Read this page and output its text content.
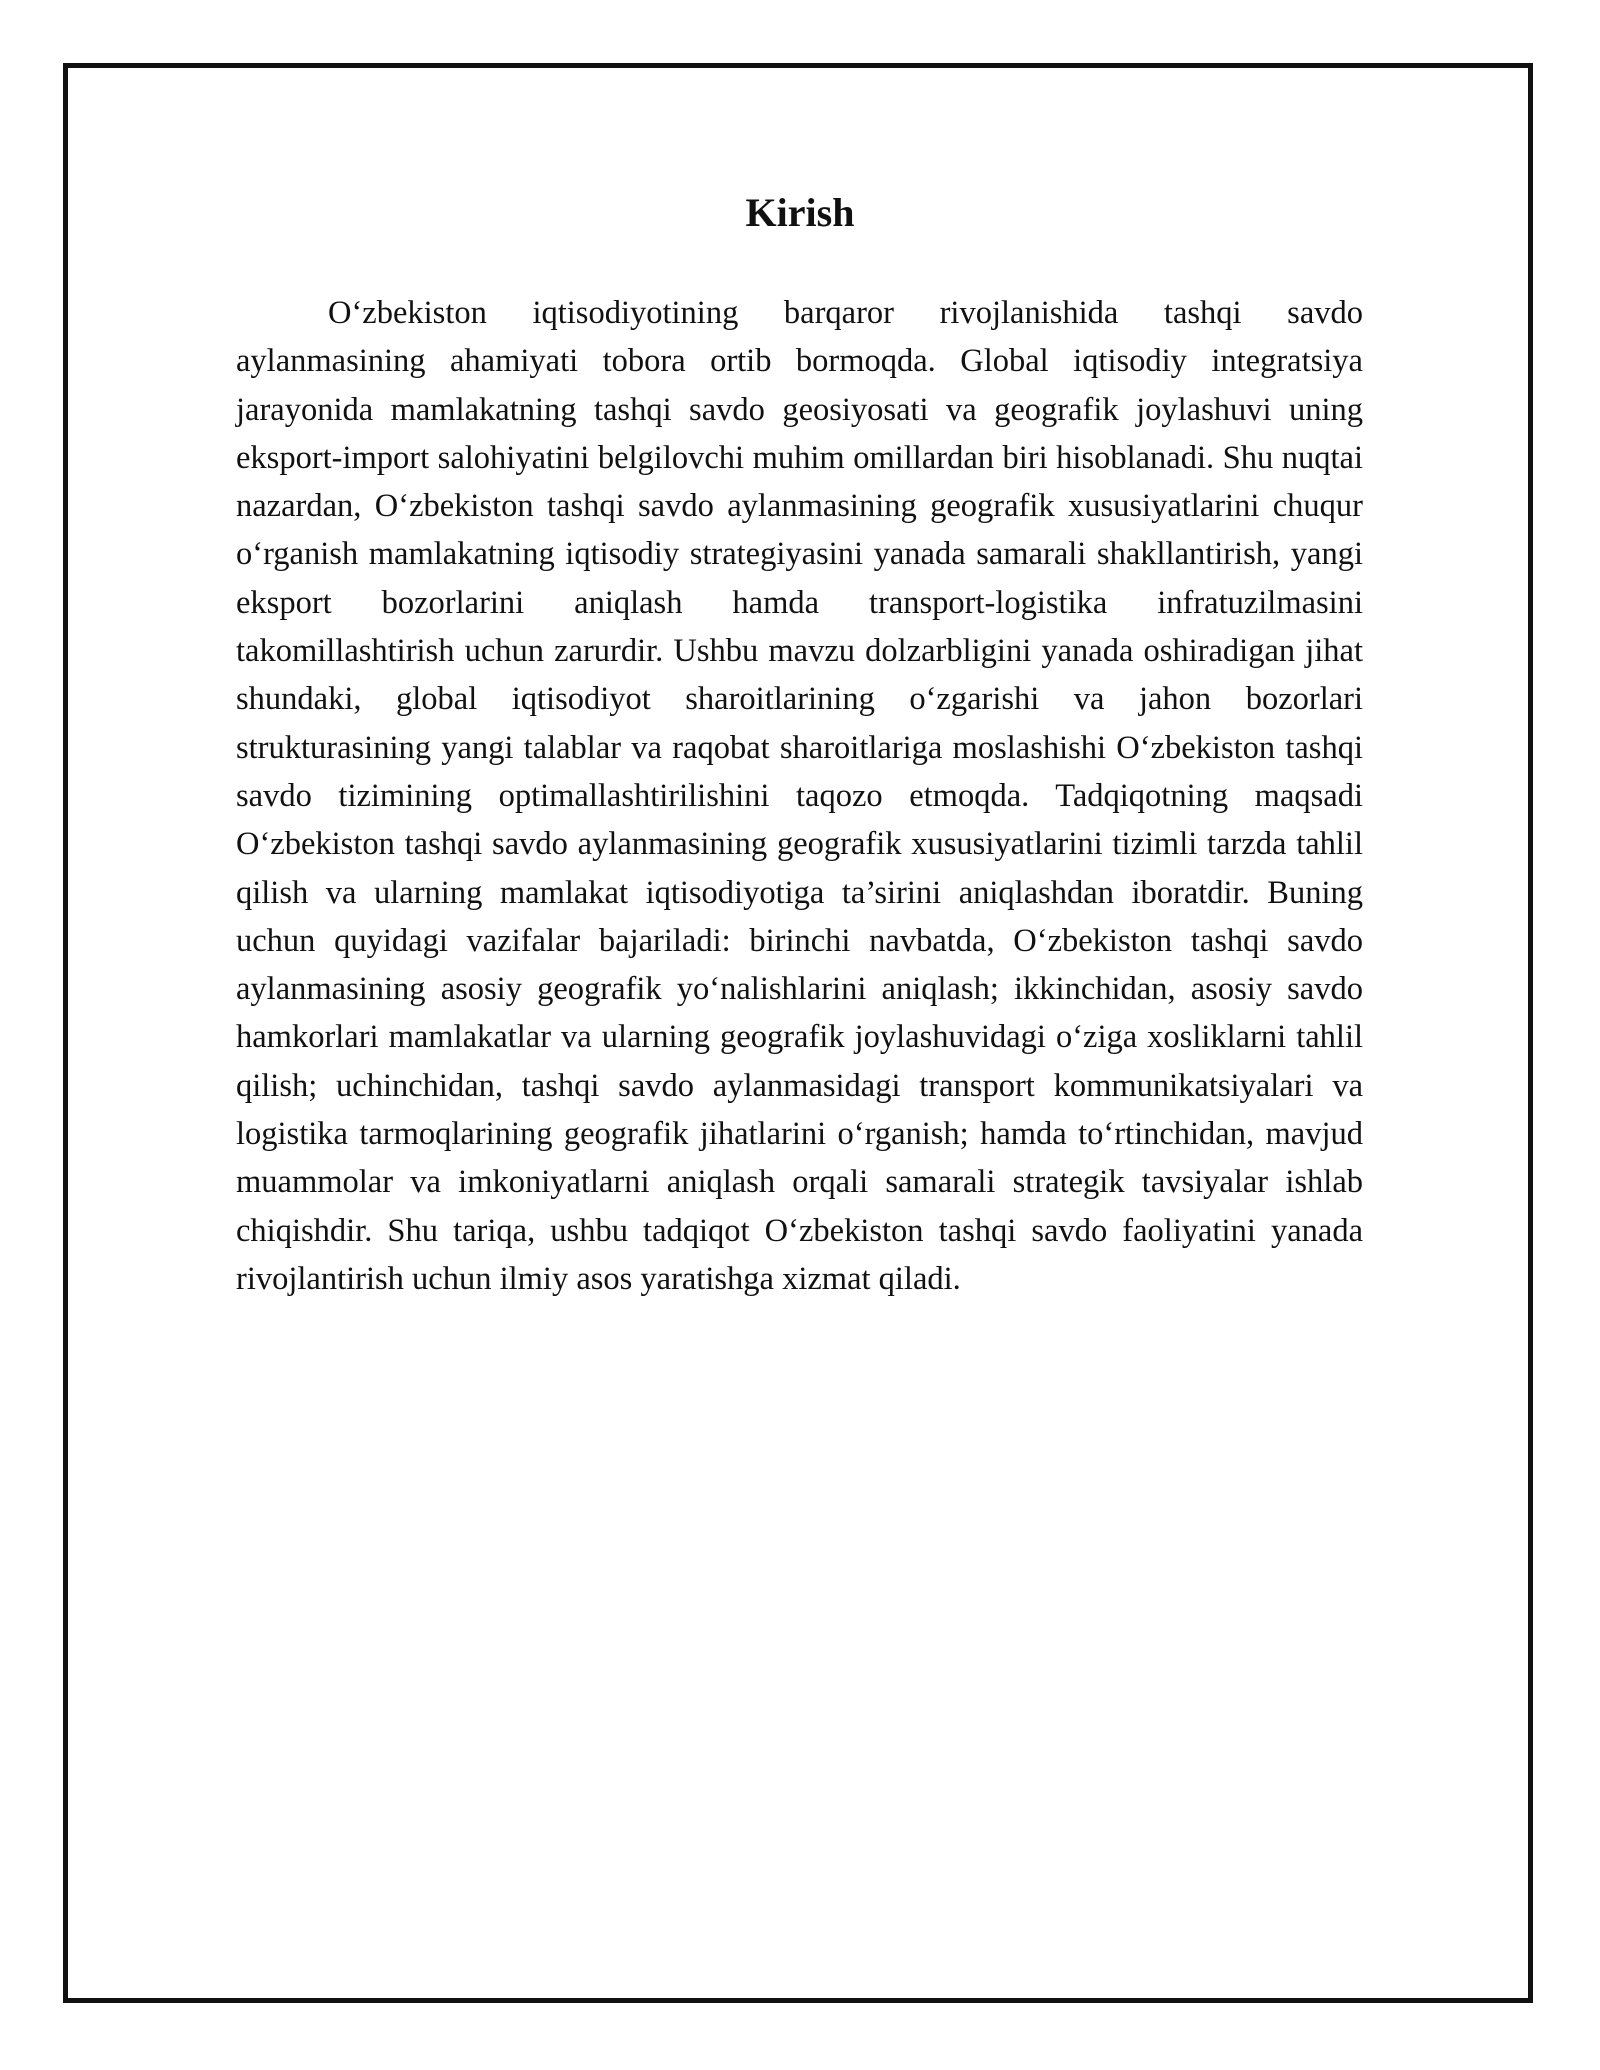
Kirish

O‘zbekiston iqtisodiyotining barqaror rivojlanishida tashqi savdo aylanmasining ahamiyati tobora ortib bormoqda. Global iqtisodiy integratsiya jarayonida mamlakatning tashqi savdo geosiyosati va geografik joylashuvi uning eksport-import salohiyatini belgilovchi muhim omillardan biri hisoblanadi. Shu nuqtai nazardan, O‘zbekiston tashqi savdo aylanmasining geografik xususiyatlarini chuqur o‘rganish mamlakatning iqtisodiy strategiyasini yanada samarali shakllantirish, yangi eksport bozorlarini aniqlash hamda transport-logistika infratuzilmasini takomillashtirish uchun zarurdir. Ushbu mavzu dolzarbligini yanada oshiradigan jihat shundaki, global iqtisodiyot sharoitlarining o‘zgarishi va jahon bozorlari strukturasining yangi talablar va raqobat sharoitlariga moslashishi O‘zbekiston tashqi savdo tizimining optimallashtirilishini taqozo etmoqda. Tadqiqotning maqsadi O‘zbekiston tashqi savdo aylanmasining geografik xususiyatlarini tizimli tarzda tahlil qilish va ularning mamlakat iqtisodiyotiga ta’sirini aniqlashdan iboratdir. Buning uchun quyidagi vazifalar bajariladi: birinchi navbatda, O‘zbekiston tashqi savdo aylanmasining asosiy geografik yo‘nalishlarini aniqlash; ikkinchidan, asosiy savdo hamkorlari mamlakatlar va ularning geografik joylashuvidagi o‘ziga xosliklarni tahlil qilish; uchinchidan, tashqi savdo aylanmasidagi transport kommunikatsiyalari va logistika tarmoqlarining geografik jihatlarini o‘rganish; hamda to‘rtinchidan, mavjud muammolar va imkoniyatlarni aniqlash orqali samarali strategik tavsiyalar ishlab chiqishdir. Shu tariqa, ushbu tadqiqot O‘zbekiston tashqi savdo faoliyatini yanada rivojlantirish uchun ilmiy asos yaratishga xizmat qiladi.
